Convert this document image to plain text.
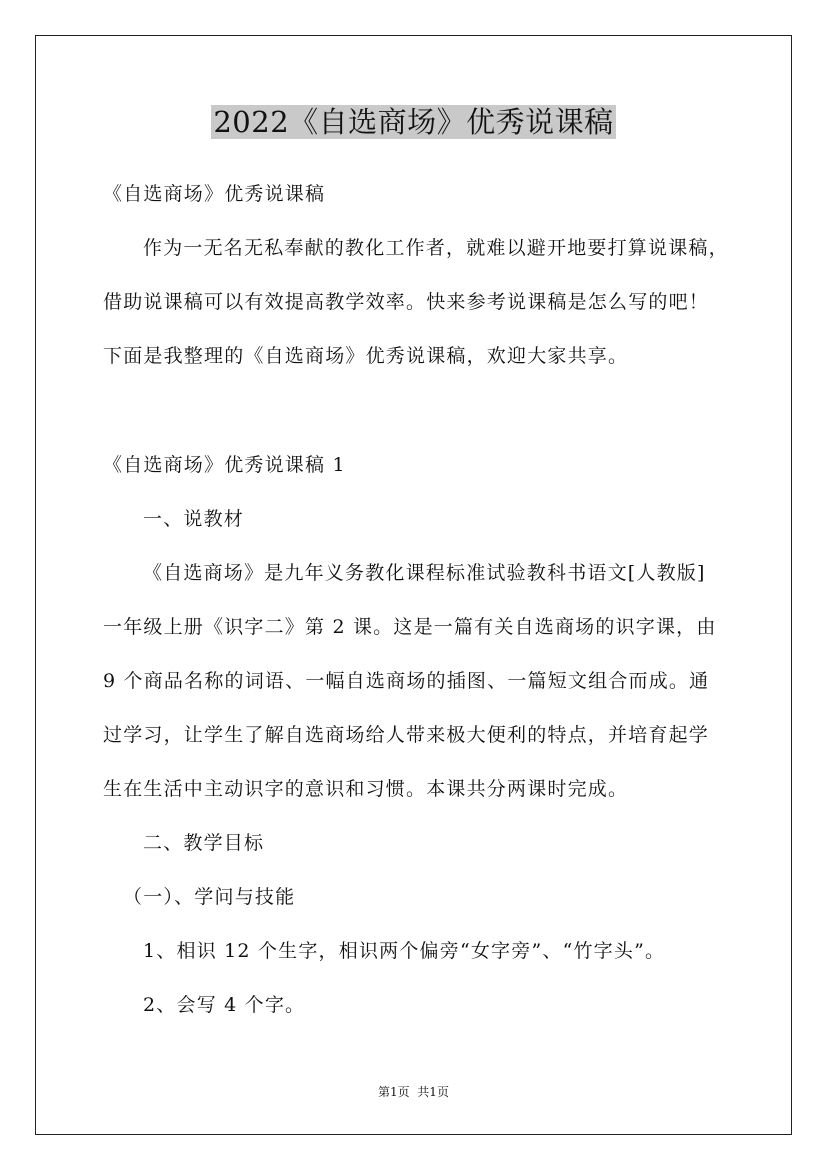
2022《自选商场》优秀说课稿
《自选商场》优秀说课稿
作为一无名无私奉献的教化工作者，就难以避开地要打算说课稿，
借助说课稿可以有效提高教学效率。快来参考说课稿是怎么写的吧！
下面是我整理的《自选商场》优秀说课稿，欢迎大家共享。
《自选商场》优秀说课稿 1
一、说教材
《自选商场》是九年义务教化课程标准试验教科书语文[人教版]
一年级上册《识字二》第 2 课。这是一篇有关自选商场的识字课，由
9 个商品名称的词语、一幅自选商场的插图、一篇短文组合而成。通
过学习，让学生了解自选商场给人带来极大便利的特点，并培育起学
生在生活中主动识字的意识和习惯。本课共分两课时完成。
二、教学目标
（一）、学问与技能
1、相识 12 个生字，相识两个偏旁“女字旁”、“竹字头”。
2、会写 4 个字。
第1页  共1页
